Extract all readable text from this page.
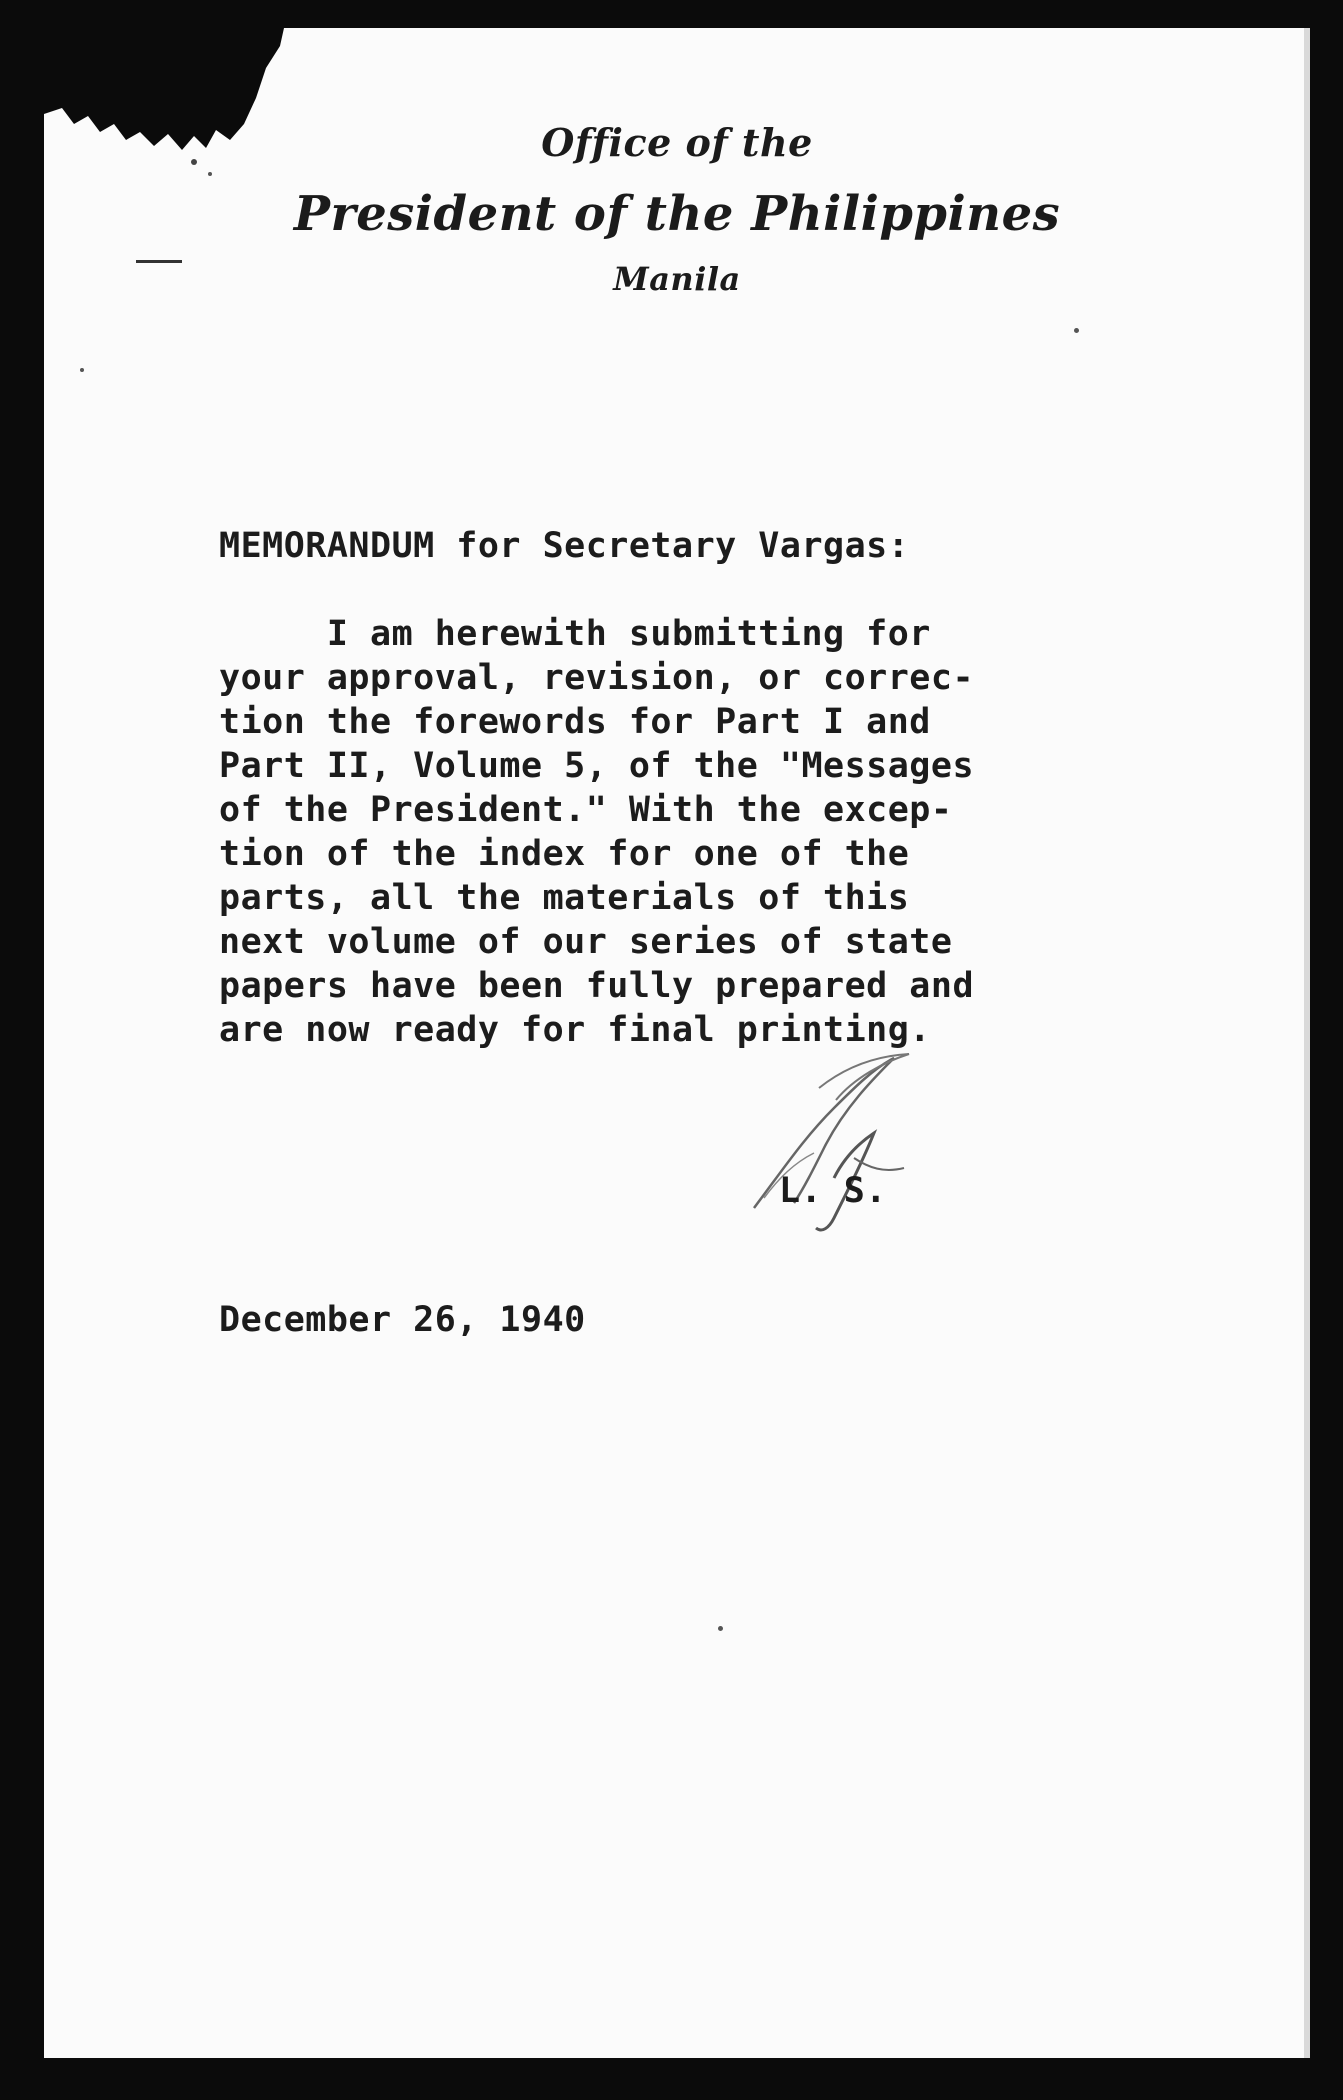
Office of the
President of the Philippines
Manila
MEMORANDUM for Secretary Vargas:
I am herewith submitting for
your approval, revision, or correc-
tion the forewords for Part I and
Part II, Volume 5, of the "Messages
of the President." With the excep-
tion of the index for one of the
parts, all the materials of this
next volume of our series of state
papers have been fully prepared and
are now ready for final printing.
L. S.
December 26, 1940
